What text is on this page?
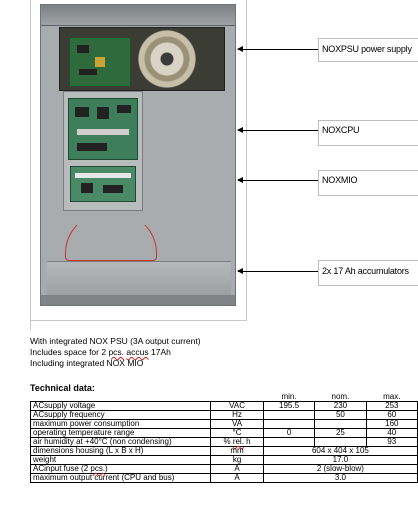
NOXPSU power supply
NOXCPU
NOXMIO
2x 17 Ah accumulators
With integrated NOX PSU (3A output current)
Includes space for 2 pcs. accus 17Ah
Including integrated NOX MIO
Technical data:
		min.	nom.	max.
ACsupply voltage	VAC	195.5	230	253
ACsupply frequency	Hz		50	60
maximum power consumption	VA			160
operating temperature range	°C	0	25	40
air humidity at +40°C (non condensing)	% rel. h			93
dimensions housing (L x B x H)	mm	604 x 404 x 105		
weight	kg	17.0		
ACinput fuse (2 pcs.)	A	2 (slow-blow)		
maximum output current (CPU and bus)	A	3.0		
